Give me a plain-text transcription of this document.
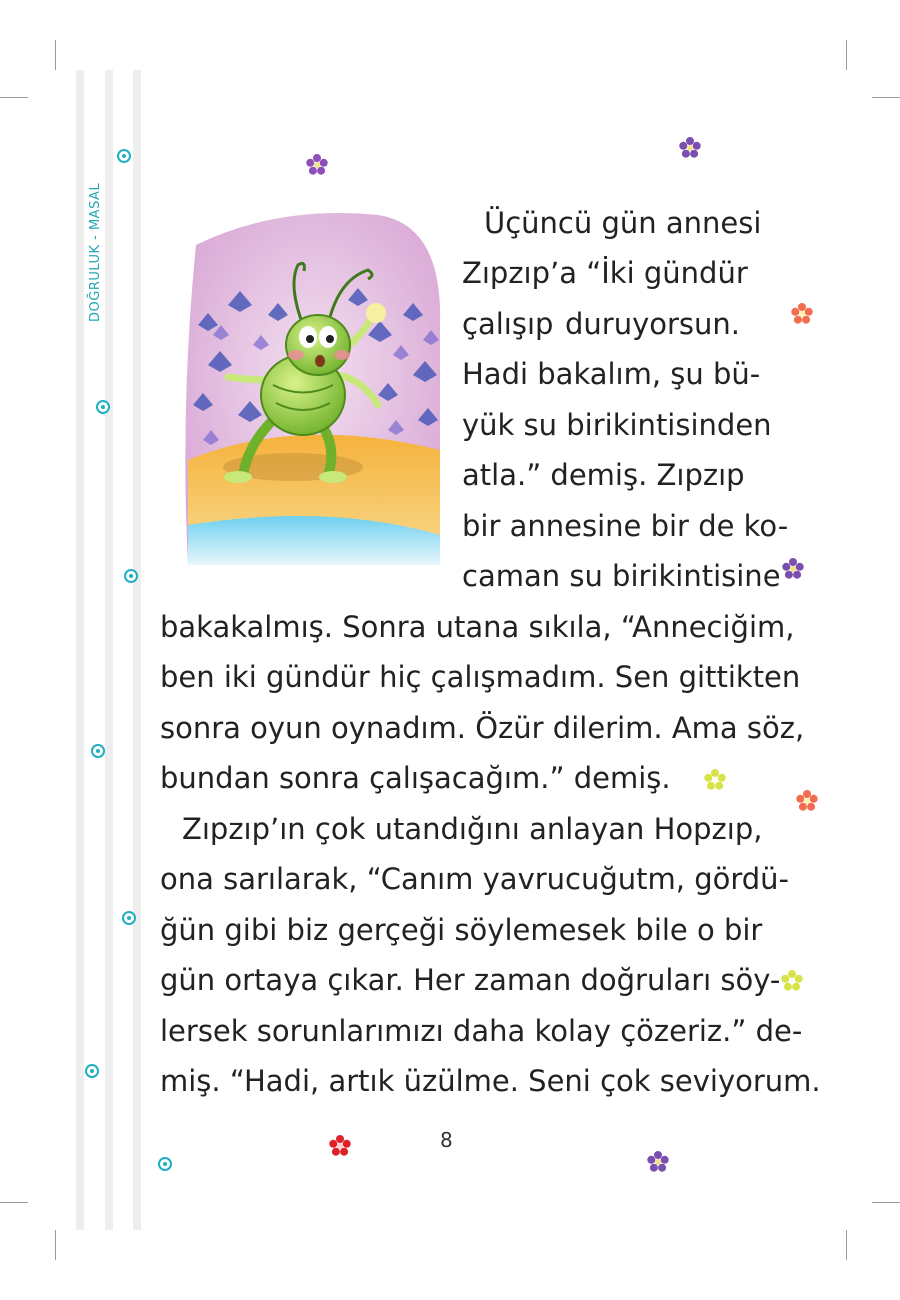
DOĞRULUK - MASAL	Üçüncü gün annesi
Zıpzıp’a “İki gündür
çalışıp duruyorsun.
Hadi bakalım, şu bü-
yük su birikintisinden
atla.” demiş. Zıpzıp
bir annesine bir de ko-
caman su birikintisine
bakakalmış. Sonra utana sıkıla, “Anneciğim,
ben iki gündür hiç çalışmadım. Sen gittikten
sonra oyun oynadım. Özür dilerim. Ama söz,
bundan sonra çalışacağım.” demiş.
Zıpzıp’ın çok utandığını anlayan Hopzıp,
ona sarılarak, “Canım yavrucuğutm, gördü-
ğün gibi biz gerçeği söylemesek bile o bir
gün ortaya çıkar. Her zaman doğruları söy-
lersek sorunlarımızı daha kolay çözeriz.” de-
miş. “Hadi, artık üzülme. Seni çok seviyorum.
8
